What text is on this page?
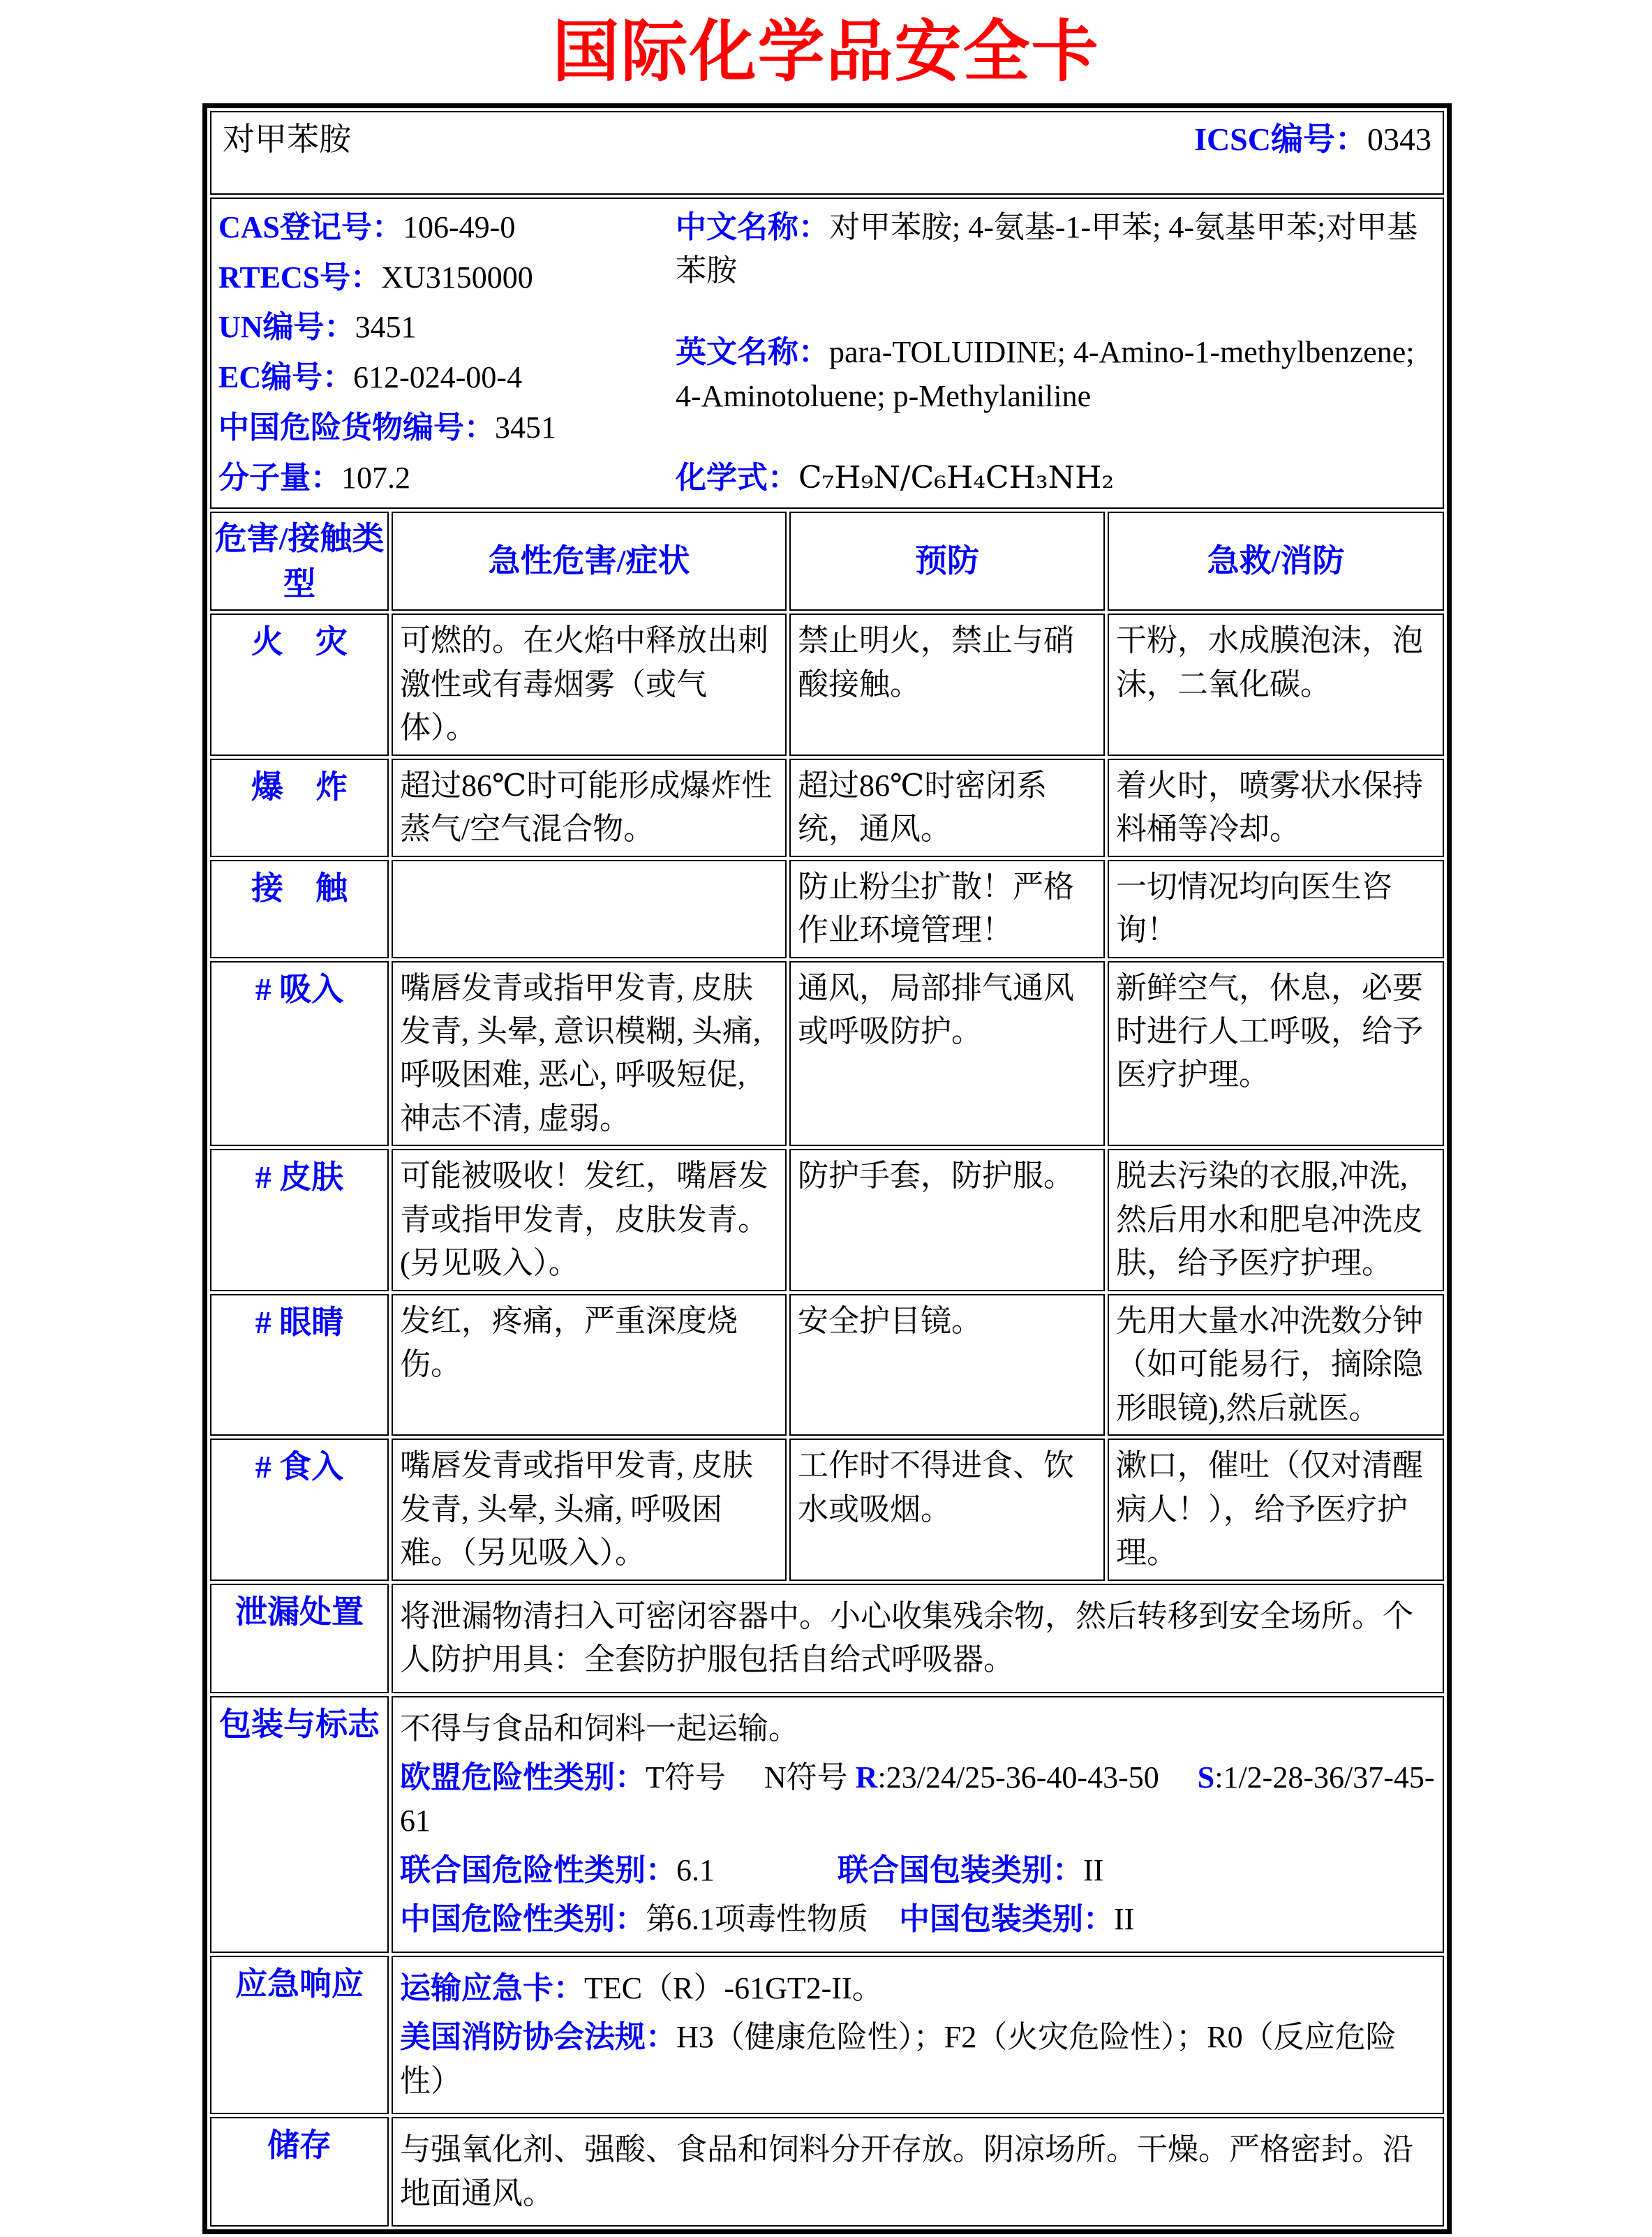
国际化学品安全卡
对甲苯胺 ICSC编号：0343			

CAS登记号：106-49-0
RTECS号：XU3150000
UN编号：3451
EC编号：612-024-00-4
中国危险货物编号：3451
分子量：107.2
中文名称：对甲苯胺; 4-氨基-1-甲苯; 4-氨基甲苯;对甲基苯胺
英文名称：para-TOLUIDINE; 4-Amino-1-methylbenzene; 4-Aminotoluene; p-Methylaniline
化学式：C₇H₉N/C₆H₄CH₃NH₂

危害/接触类型	急性危害/症状	预防	急救/消防
火　灾	可燃的。在火焰中释放出刺激性或有毒烟雾（或气体）。	禁止明火，禁止与硝酸接触。	干粉，水成膜泡沫，泡沫，二氧化碳。
爆　炸	超过86℃时可能形成爆炸性蒸气/空气混合物。	超过86℃时密闭系统，通风。	着火时，喷雾状水保持料桶等冷却。
接　触		防止粉尘扩散！严格作业环境管理！	一切情况均向医生咨询！
# 吸入	嘴唇发青或指甲发青, 皮肤发青, 头晕, 意识模糊, 头痛, 呼吸困难, 恶心, 呼吸短促, 神志不清, 虚弱。	通风，局部排气通风或呼吸防护。	新鲜空气，休息，必要时进行人工呼吸，给予医疗护理。
# 皮肤	可能被吸收！发红，嘴唇发青或指甲发青，皮肤发青。(另见吸入）。	防护手套，防护服。	脱去污染的衣服,冲洗,然后用水和肥皂冲洗皮肤，给予医疗护理。
# 眼睛	发红，疼痛，严重深度烧伤。	安全护目镜。	先用大量水冲洗数分钟（如可能易行，摘除隐形眼镜),然后就医。
# 食入	嘴唇发青或指甲发青, 皮肤发青, 头晕, 头痛, 呼吸困难。（另见吸入）。	工作时不得进食、饮水或吸烟。	漱口，催吐（仅对清醒病人！），给予医疗护理。
泄漏处置	将泄漏物清扫入可密闭容器中。小心收集残余物，然后转移到安全场所。个人防护用具：全套防护服包括自给式呼吸器。		

包装与标志	不得与食品和饲料一起运输。
欧盟危险性类别：T符号　 N符号 R:23/24/25-36-40-43-50　 S:1/2-28-36/37-45-61
联合国危险性类别：6.1　　　　联合国包装类别：II
中国危险性类别：第6.1项毒性物质　中国包装类别：II		

应急响应	运输应急卡：TEC（R）-61GT2-II。
美国消防协会法规：H3（健康危险性）；F2（火灾危险性）；R0（反应危险性）		

储存	与强氧化剂、强酸、食品和饲料分开存放。阴凉场所。干燥。严格密封。沿地面通风。		
